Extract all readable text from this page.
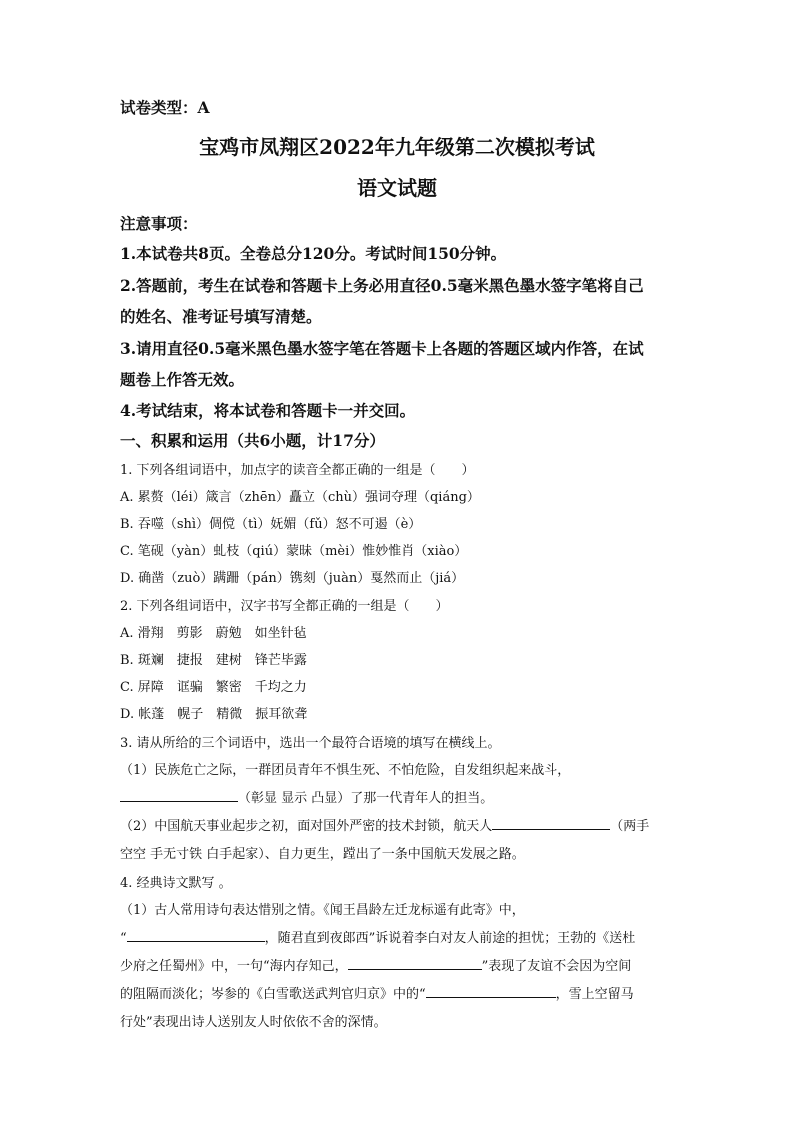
试卷类型：A
宝鸡市凤翔区2022年九年级第二次模拟考试
语文试题
注意事项：
1.本试卷共8页。全卷总分120分。考试时间150分钟。
2.答题前，考生在试卷和答题卡上务必用直径0.5毫米黑色墨水签字笔将自己
的姓名、准考证号填写清楚。
3.请用直径0.5毫米黑色墨水签字笔在答题卡上各题的答题区域内作答，在试
题卷上作答无效。
4.考试结束，将本试卷和答题卡一并交回。
一、积累和运用（共6小题，计17分）
1. 下列各组词语中，加点字的读音全都正确的一组是（　　）
A. 累赘（léi）箴言（zhēn）矗立（chù）强词夺理（qiáng）
B. 吞噬（shì）倜傥（tì）妩媚（fǔ）怒不可遏（è）
C. 笔砚（yàn）虬枝（qiú）蒙昧（mèi）惟妙惟肖（xiào）
D. 确凿（zuò）蹒跚（pán）镌刻（juàn）戛然而止（jiá）
2. 下列各组词语中，汉字书写全都正确的一组是（　　）
A. 滑翔　剪影　蔚勉　如坐针毡
B. 斑斓　捷报　建树　锋芒毕露
C. 屏障　诓骗　繁密　千均之力
D. 帐蓬　幌子　精微　振耳欲聋
3. 请从所给的三个词语中，选出一个最符合语境的填写在横线上。
（1）民族危亡之际，一群团员青年不惧生死、不怕危险，自发组织起来战斗，
（彰显 显示 凸显）了那一代青年人的担当。
（2）中国航天事业起步之初，面对国外严密的技术封锁，航天人	（两手
空空 手无寸铁 白手起家）、自力更生，蹚出了一条中国航天发展之路。
4. 经典诗文默写 。
（1）古人常用诗句表达惜别之情。《闻王昌龄左迁龙标遥有此寄》中，
“	，随君直到夜郎西”诉说着李白对友人前途的担忧；王勃的《送杜
少府之任蜀州》中，一句“海内存知己，	”表现了友谊不会因为空间
的阻隔而淡化；岑参的《白雪歌送武判官归京》中的“	，雪上空留马
行处”表现出诗人送别友人时依依不舍的深情。
